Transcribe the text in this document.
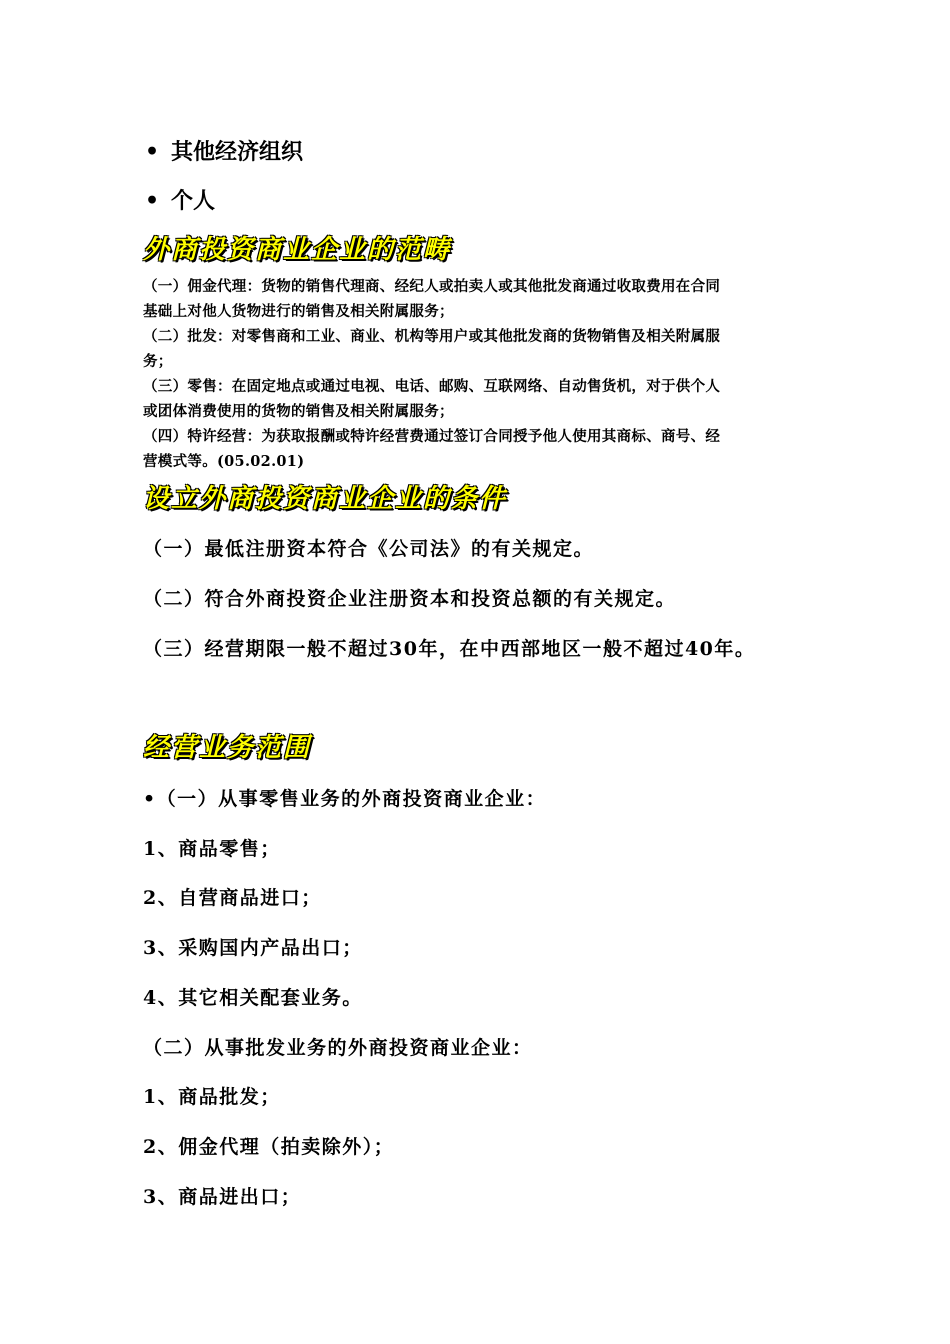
• 其他经济组织
• 个人
外商投资商业企业的范畴
（一）佣金代理：货物的销售代理商、经纪人或拍卖人或其他批发商通过收取费用在合同
基础上对他人货物进行的销售及相关附属服务；
（二）批发：对零售商和工业、商业、机构等用户或其他批发商的货物销售及相关附属服
务；
（三）零售：在固定地点或通过电视、电话、邮购、互联网络、自动售货机，对于供个人
或团体消费使用的货物的销售及相关附属服务；
（四）特许经营：为获取报酬或特许经营费通过签订合同授予他人使用其商标、商号、经
营模式等。(05.02.01)
设立外商投资商业企业的条件
（一）最低注册资本符合《公司法》的有关规定。
（二）符合外商投资企业注册资本和投资总额的有关规定。
（三）经营期限一般不超过30年，在中西部地区一般不超过40年。
经营业务范围
•（一）从事零售业务的外商投资商业企业：
1、商品零售；
2、自营商品进口；
3、采购国内产品出口；
4、其它相关配套业务。
（二）从事批发业务的外商投资商业企业：
1、商品批发；
2、佣金代理（拍卖除外）；
3、商品进出口；
